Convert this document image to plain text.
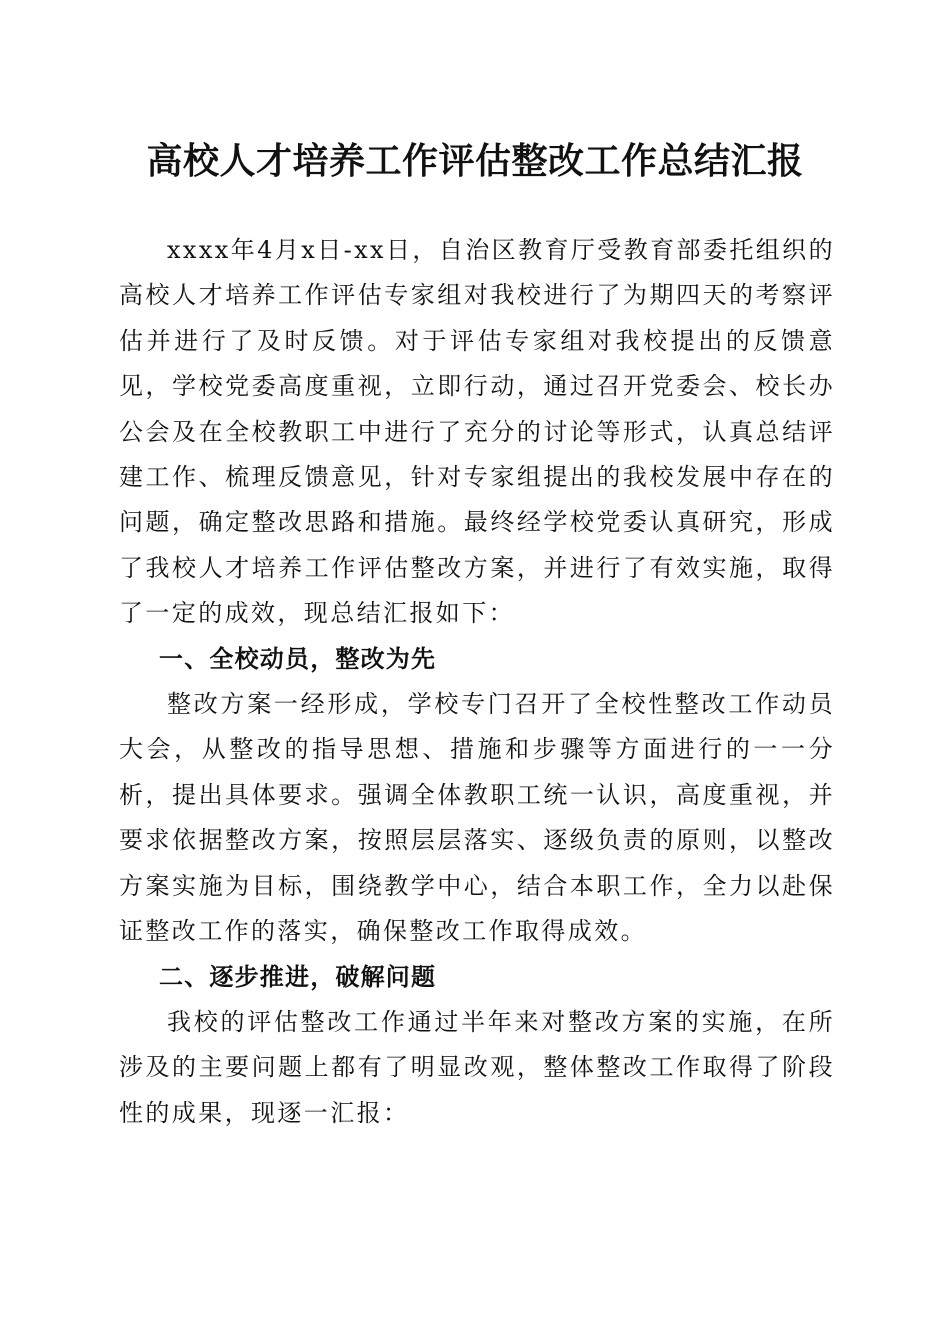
高校人才培养工作评估整改工作总结汇报

xxxx年4月x日-xx日，自治区教育厅受教育部委托组织的高校人才培养工作评估专家组对我校进行了为期四天的考察评估并进行了及时反馈。对于评估专家组对我校提出的反馈意见，学校党委高度重视，立即行动，通过召开党委会、校长办公会及在全校教职工中进行了充分的讨论等形式，认真总结评建工作、梳理反馈意见，针对专家组提出的我校发展中存在的问题，确定整改思路和措施。最终经学校党委认真研究，形成了我校人才培养工作评估整改方案，并进行了有效实施，取得了一定的成效，现总结汇报如下：

一、全校动员，整改为先

整改方案一经形成，学校专门召开了全校性整改工作动员大会，从整改的指导思想、措施和步骤等方面进行的一一分析，提出具体要求。强调全体教职工统一认识，高度重视，并要求依据整改方案，按照层层落实、逐级负责的原则，以整改方案实施为目标，围绕教学中心，结合本职工作，全力以赴保证整改工作的落实，确保整改工作取得成效。

二、逐步推进，破解问题

我校的评估整改工作通过半年来对整改方案的实施，在所涉及的主要问题上都有了明显改观，整体整改工作取得了阶段性的成果，现逐一汇报：
